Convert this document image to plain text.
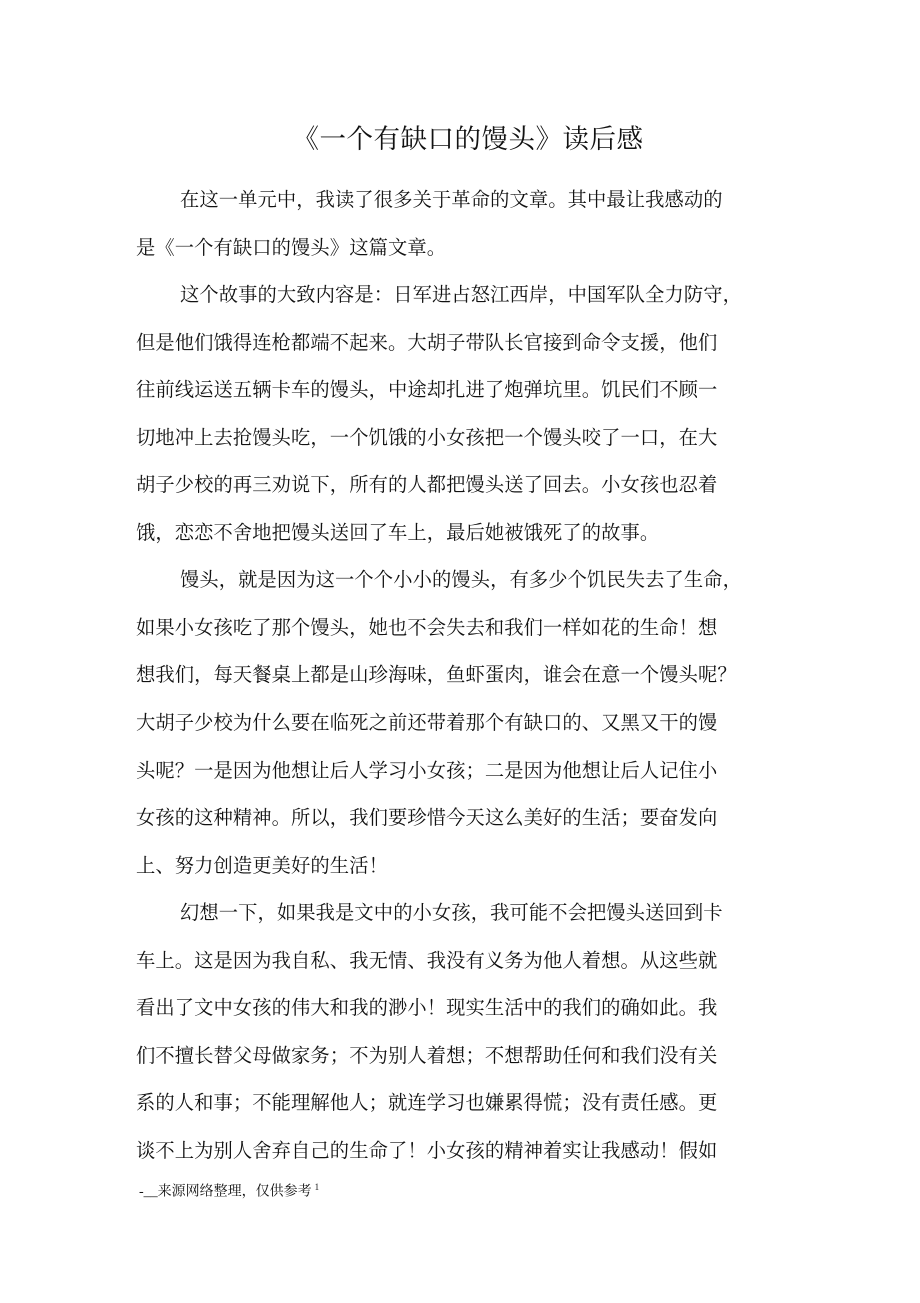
《一个有缺口的馒头》读后感
在这一单元中，我读了很多关于革命的文章。其中最让我感动的
是《一个有缺口的馒头》这篇文章。
这个故事的大致内容是：日军进占怒江西岸，中国军队全力防守，
但是他们饿得连枪都端不起来。大胡子带队长官接到命令支援，他们
往前线运送五辆卡车的馒头，中途却扎进了炮弹坑里。饥民们不顾一
切地冲上去抢馒头吃，一个饥饿的小女孩把一个馒头咬了一口，在大
胡子少校的再三劝说下，所有的人都把馒头送了回去。小女孩也忍着
饿，恋恋不舍地把馒头送回了车上，最后她被饿死了的故事。
馒头，就是因为这一个个小小的馒头，有多少个饥民失去了生命，
如果小女孩吃了那个馒头，她也不会失去和我们一样如花的生命！想
想我们，每天餐桌上都是山珍海味，鱼虾蛋肉，谁会在意一个馒头呢？
大胡子少校为什么要在临死之前还带着那个有缺口的、又黑又干的馒
头呢？一是因为他想让后人学习小女孩；二是因为他想让后人记住小
女孩的这种精神。所以，我们要珍惜今天这么美好的生活；要奋发向
上、努力创造更美好的生活！
幻想一下，如果我是文中的小女孩，我可能不会把馒头送回到卡
车上。这是因为我自私、我无情、我没有义务为他人着想。从这些就
看出了文中女孩的伟大和我的渺小！现实生活中的我们的确如此。我
们不擅长替父母做家务；不为别人着想；不想帮助任何和我们没有关
系的人和事；不能理解他人；就连学习也嫌累得慌；没有责任感。更
谈不上为别人舍弃自己的生命了！小女孩的精神着实让我感动！假如
-__来源网络整理，仅供参考 $^1$
